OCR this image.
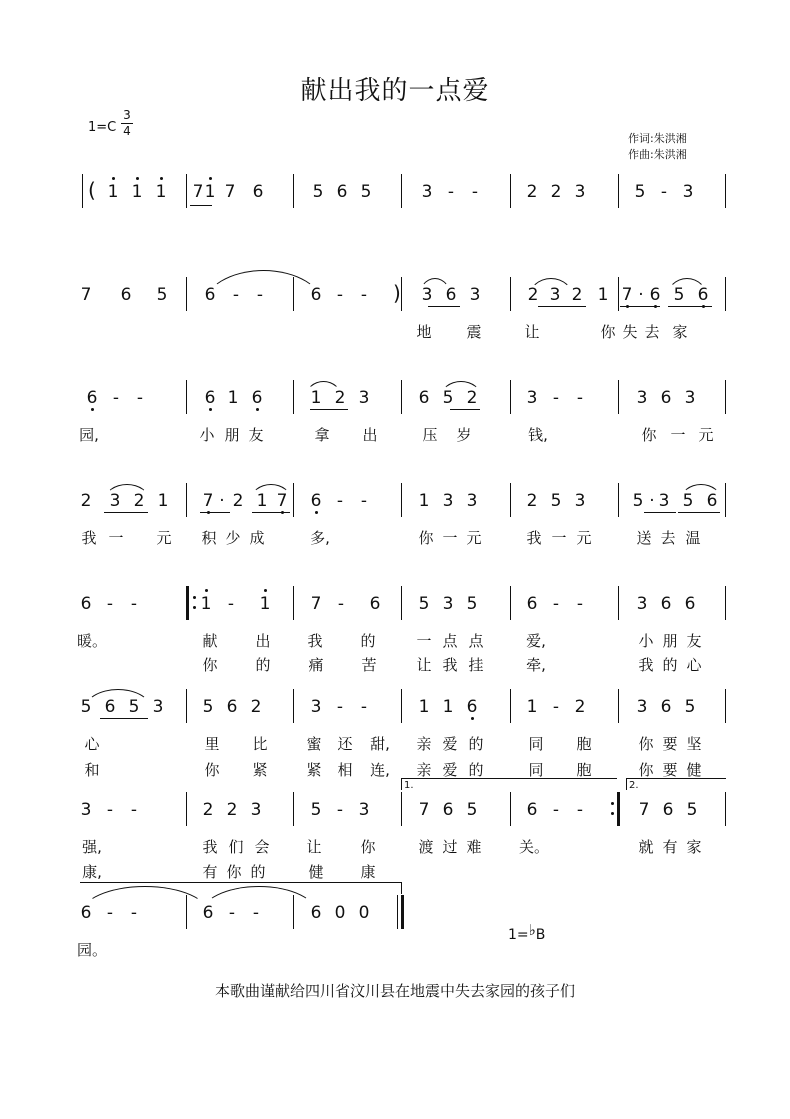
献出我的一点爱
1=C
3
4
作词:朱洪湘
作曲:朱洪湘
( 1 1 1 7 1 7 6	5 6 5	3 -	-	2 2 3	5 - 3
7 6 5 6	-	-	6 -	- ) 3 6 3	2 3 2 1 7 · 6 5 6
地	震	让	你 失 去 家
6 -	-	6 1 6	1 2 3	6 5 2	3 -	-	3 6 3
园,	小 朋 友	拿	出	压	岁	钱,	你 一 元
2 3 2 1 7 · 2 1 7 6 -	-	1 3 3	2 5 3	5 · 3 5 6
我 一	元	积 少 成	多,	你 一 元	我 一 元	送 去 温
6 -	-	1 -	1 7 -	6 5 3 5	6 -	-	3 6 6
暖。	献	出	我	的	一 点 点	爱,	小 朋 友
你	的	痛	苦	让 我 挂	牵,	我 的 心
5 6 5 3 5 6 2	3 -	-	1 1 6	1 - 2	3 6 5
心	里	比	蜜	还	甜,	亲 爱 的	同	胞	你 要 坚
和	你	紧	紧	相	连,	亲 爱 的	同	胞	你 要 健
3 -	-	2 2 3	5 - 3	7 6 5	6 -	-	7 6 5
强,	我 们 会	让	你	渡 过 难	关。	就 有 家
康,	有 你 的	健	康
6 -	-	6 -	-	6 0 0
园。
1.	2.
1=♭B
本歌曲谨献给四川省汶川县在地震中失去家园的孩子们
